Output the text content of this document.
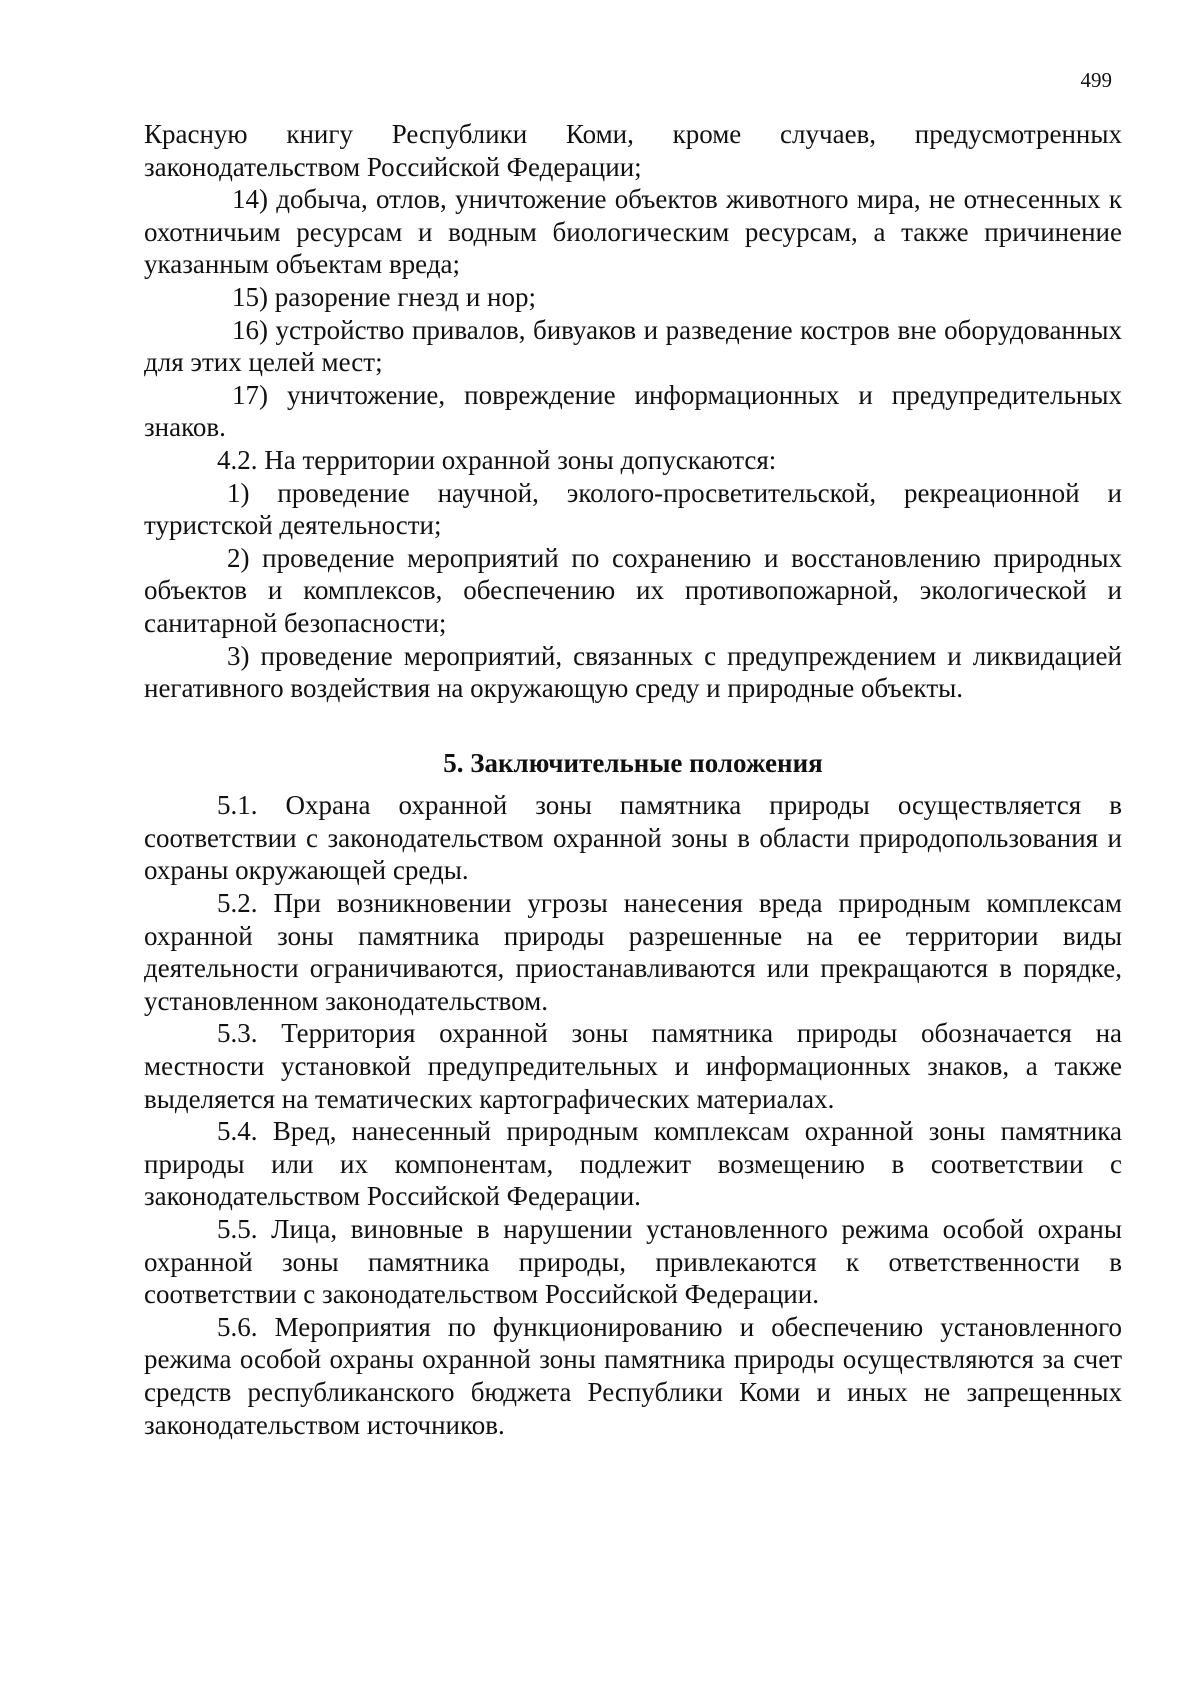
499

Красную книгу Республики Коми, кроме случаев, предусмотренных законодательством Российской Федерации;

14) добыча, отлов, уничтожение объектов животного мира, не отнесенных к охотничьим ресурсам и водным биологическим ресурсам, а также причинение указанным объектам вреда;

15) разорение гнезд и нор;

16) устройство привалов, бивуаков и разведение костров вне оборудованных для этих целей мест;

17) уничтожение, повреждение информационных и предупредительных знаков.

4.2. На территории охранной зоны допускаются:

1) проведение научной, эколого-просветительской, рекреационной и туристской деятельности;

2) проведение мероприятий по сохранению и восстановлению природных объектов и комплексов, обеспечению их противопожарной, экологической и санитарной безопасности;

3) проведение мероприятий, связанных с предупреждением и ликвидацией негативного воздействия на окружающую среду и природные объекты.

5. Заключительные положения

5.1. Охрана охранной зоны памятника природы осуществляется в соответствии с законодательством охранной зоны в области природопользования и охраны окружающей среды.

5.2. При возникновении угрозы нанесения вреда природным комплексам охранной зоны памятника природы разрешенные на ее территории виды деятельности ограничиваются, приостанавливаются или прекращаются в порядке, установленном законодательством.

5.3. Территория охранной зоны памятника природы обозначается на местности установкой предупредительных и информационных знаков, а также выделяется на тематических картографических материалах.

5.4. Вред, нанесенный природным комплексам охранной зоны памятника природы или их компонентам, подлежит возмещению в соответствии с законодательством Российской Федерации.

5.5. Лица, виновные в нарушении установленного режима особой охраны охранной зоны памятника природы, привлекаются к ответственности в соответствии с законодательством Российской Федерации.

5.6. Мероприятия по функционированию и обеспечению установленного режима особой охраны охранной зоны памятника природы осуществляются за счет средств республиканского бюджета Республики Коми и иных не запрещенных законодательством источников.
